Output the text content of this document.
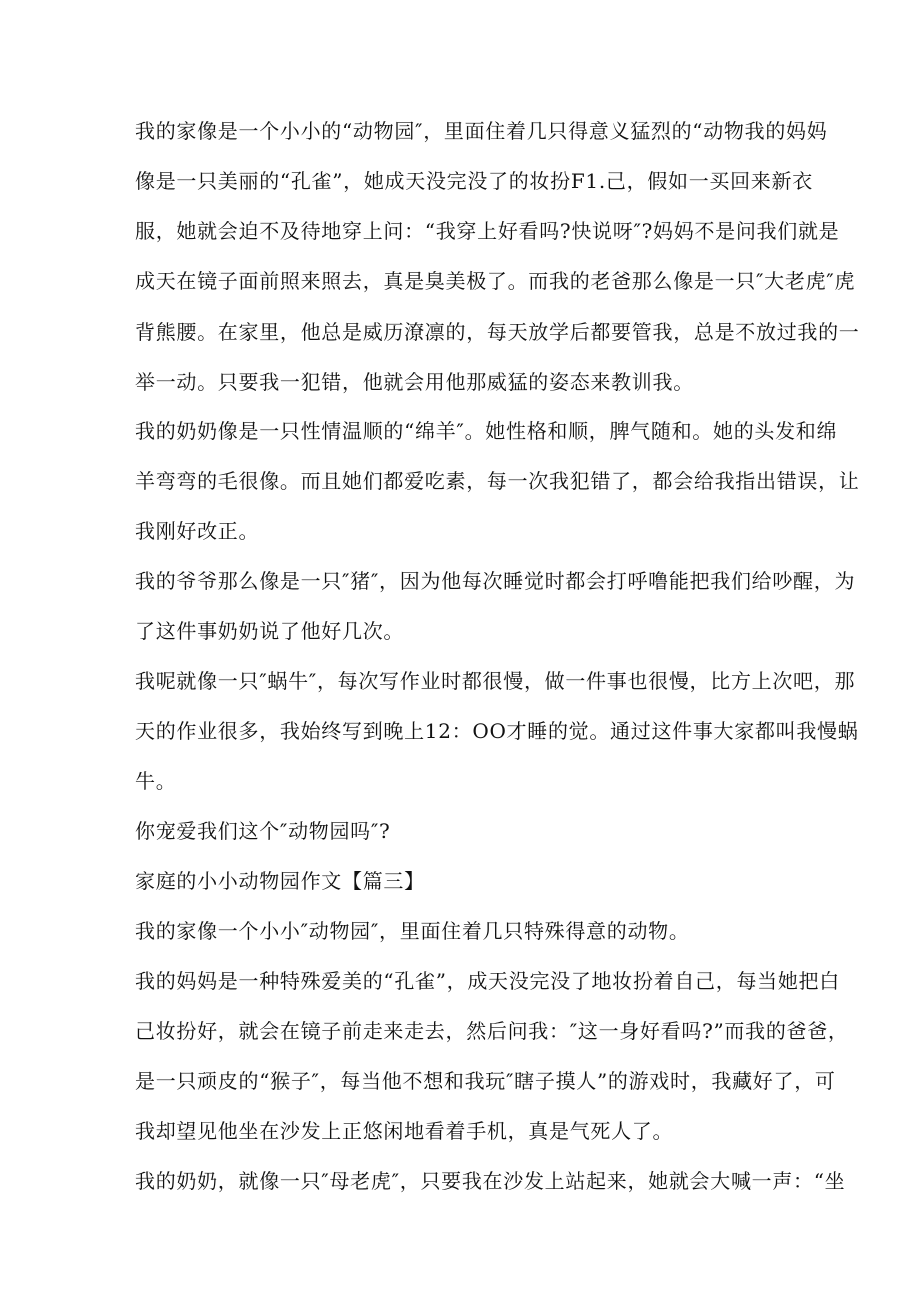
我的家像是一个小小的“动物园″，里面住着几只得意义猛烈的“动物我的妈妈
像是一只美丽的“孔雀”，她成天没完没了的妆扮F1.己，假如一买回来新衣
服，她就会迫不及待地穿上问：“我穿上好看吗?快说呀″?妈妈不是问我们就是
成天在镜子面前照来照去，真是臭美极了。而我的老爸那么像是一只″大老虎″虎
背熊腰。在家里，他总是威历潦凛的，每天放学后都要管我，总是不放过我的一
举一动。只要我一犯错，他就会用他那威猛的姿态来教训我。
我的奶奶像是一只性情温顺的“绵羊″。她性格和顺，脾气随和。她的头发和绵
羊弯弯的毛很像。而且她们都爱吃素，每一次我犯错了，都会给我指出错误，让
我刚好改正。
我的爷爷那么像是一只″猪″，因为他每次睡觉时都会打呼噜能把我们给吵醒，为
了这件事奶奶说了他好几次。
我呢就像一只″蜗牛″，每次写作业时都很慢，做一件事也很慢，比方上次吧，那
天的作业很多，我始终写到晚上12：OO才睡的觉。通过这件事大家都叫我慢蜗
牛。
你宠爱我们这个″动物园吗″?
家庭的小小动物园作文【篇三】
我的家像一个小小″动物园″，里面住着几只特殊得意的动物。
我的妈妈是一种特殊爱美的“孔雀”，成天没完没了地妆扮着自己，每当她把白
己妆扮好，就会在镜子前走来走去，然后问我：″这一身好看吗?”而我的爸爸，
是一只顽皮的“猴子″，每当他不想和我玩″瞎子摸人”的游戏时，我藏好了，可
我却望见他坐在沙发上正悠闲地看着手机，真是气死人了。
我的奶奶，就像一只″母老虎″，只要我在沙发上站起来，她就会大喊一声：“坐
